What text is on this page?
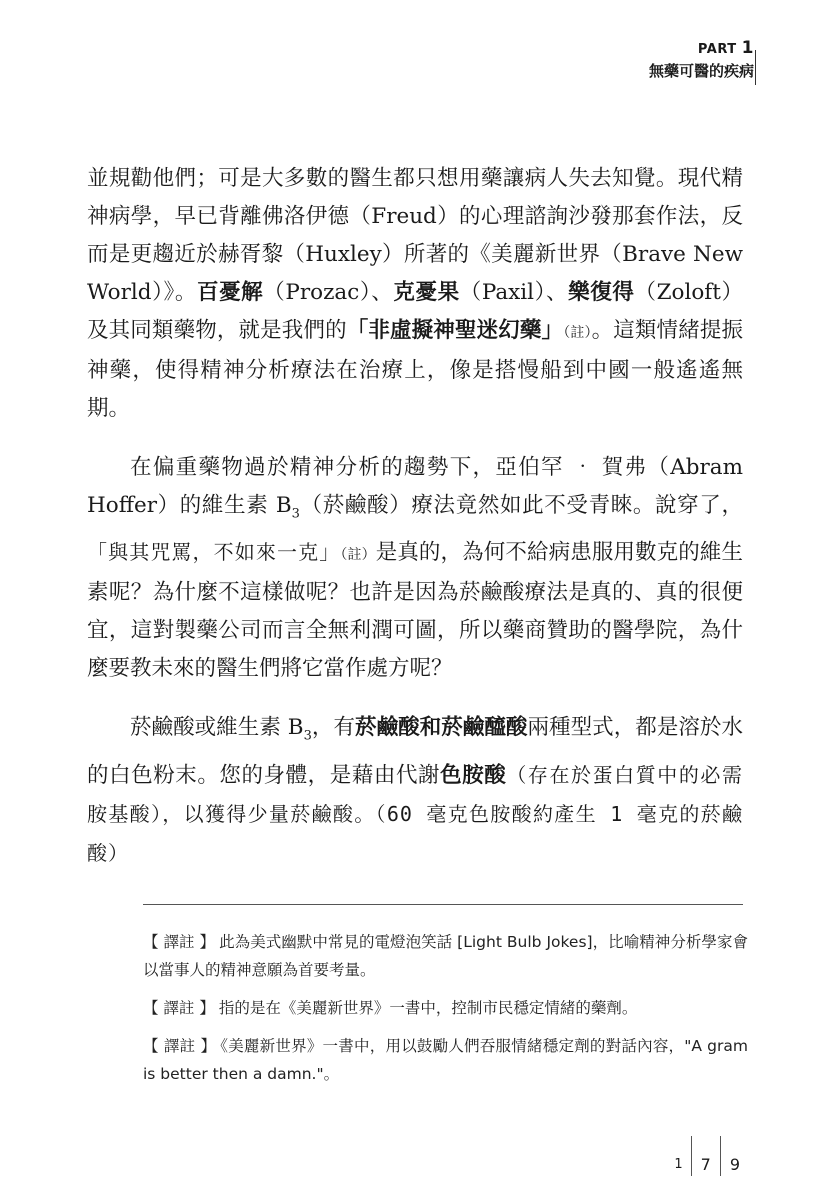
PART 1
無藥可醫的疾病

並規勸他們；可是大多數的醫生都只想用藥讓病人失去知覺。現代精神病學，早已背離佛洛伊德（Freud）的心理諮詢沙發那套作法，反而是更趨近於赫胥黎（Huxley）所著的《美麗新世界（Brave New World）》。百憂解（Prozac）、克憂果（Paxil）、樂復得（Zoloft）及其同類藥物，就是我們的「非虛擬神聖迷幻藥」（註）。這類情緒提振神藥，使得精神分析療法在治療上，像是搭慢船到中國一般遙遙無期。

在偏重藥物過於精神分析的趨勢下，亞伯罕 ‧ 賀弗（Abram Hoffer）的維生素 $B_3$（菸鹼酸）療法竟然如此不受青睞。說穿了，「與其咒罵，不如來一克」（註）是真的，為何不給病患服用數克的維生素呢？為什麼不這樣做呢？也許是因為菸鹼酸療法是真的、真的很便宜，這對製藥公司而言全無利潤可圖，所以藥商贊助的醫學院，為什麼要教未來的醫生們將它當作處方呢？

菸鹼酸或維生素 $B_3$，有菸鹼酸和菸鹼醯酸兩種型式，都是溶於水的白色粉末。您的身體，是藉由代謝色胺酸（存在於蛋白質中的必需胺基酸），以獲得少量菸鹼酸。（60 毫克色胺酸約產生 1 毫克的菸鹼酸）

【 譯註 】 此為美式幽默中常見的電燈泡笑話 [Light Bulb Jokes]，比喻精神分析學家會以當事人的精神意願為首要考量。

【 譯註 】 指的是在《美麗新世界》一書中，控制市民穩定情緒的藥劑。

【 譯註 】 《美麗新世界》一書中，用以鼓勵人們吞服情緒穩定劑的對話內容，"A gram is better then a damn."。

1	7	9
